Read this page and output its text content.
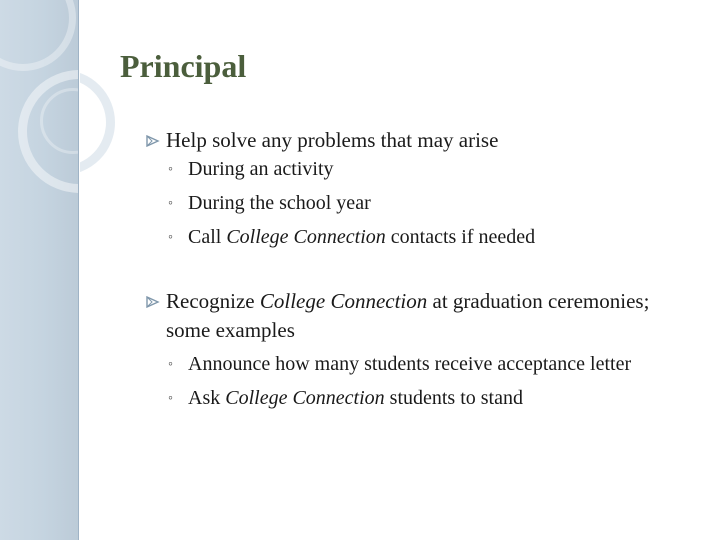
Principal
Help solve any problems that may arise
◦ During an activity
◦ During the school year
◦ Call College Connection contacts if needed
Recognize College Connection at graduation ceremonies; some examples
◦ Announce how many students receive acceptance letter
◦ Ask College Connection students to stand
